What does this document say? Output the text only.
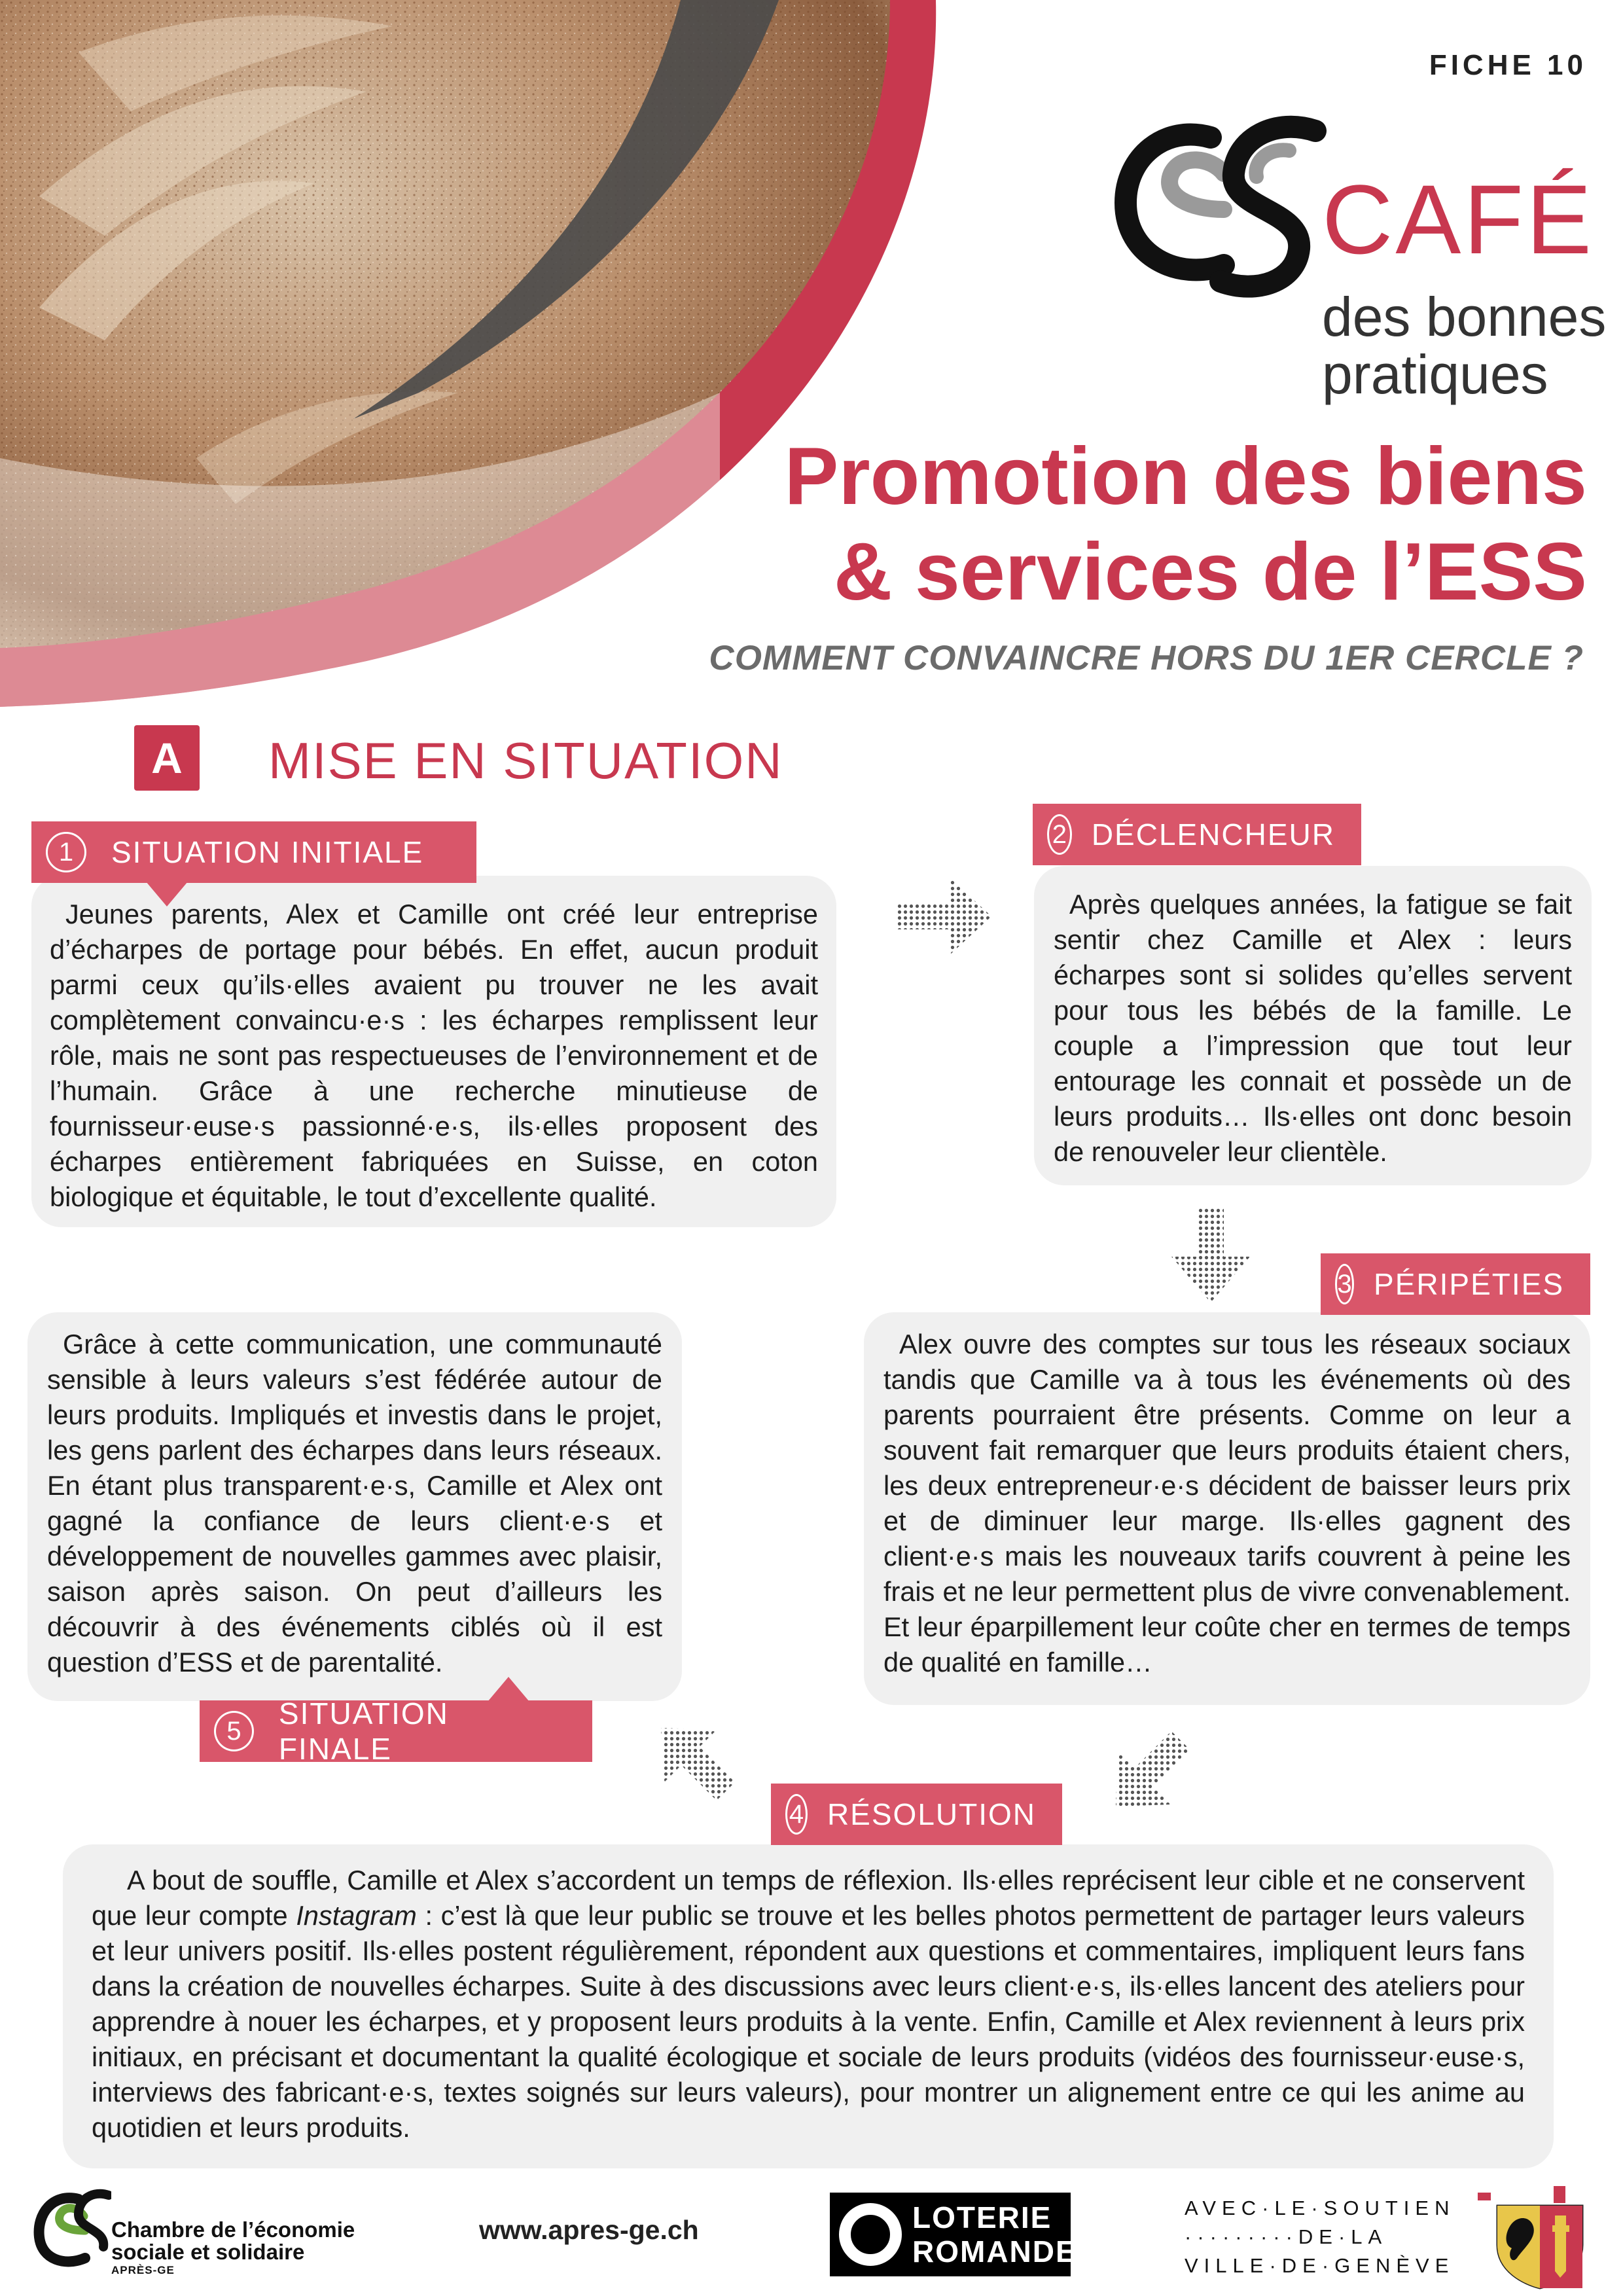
FICHE 10
CAFÉ
des bonnes
pratiques
Promotion des biens
& services de l’ESS
COMMENT CONVAINCRE HORS DU 1ER CERCLE ?
A	MISE EN SITUATION
1	SITUATION INITIALE

Jeunes parents, Alex et Camille ont créé leur entreprise d’écharpes de portage pour bébés. En effet, aucun produit parmi ceux qu’ils·elles avaient pu trouver ne les avait complètement convaincu·e·s : les écharpes remplissent leur rôle, mais ne sont pas respectueuses de l’environnement et de l’humain. Grâce à une recherche minutieuse de fournisseur·euse·s passionné·e·s, ils·elles proposent des écharpes entièrement fabriquées en Suisse, en coton biologique et équitable, le tout d’excellente qualité.

2 DÉCLENCHEUR

Après quelques années, la fatigue se fait sentir chez Camille et Alex : leurs écharpes sont si solides qu’elles servent pour tous les bébés de la famille. Le couple a l’impression que tout leur entourage les connait et possède un de leurs produits… Ils·elles ont donc besoin de renouveler leur clientèle.

3 PÉRIPÉTIES

Alex ouvre des comptes sur tous les réseaux sociaux tandis que Camille va à tous les événements où des parents pourraient être présents. Comme on leur a souvent fait remarquer que leurs produits étaient chers, les deux entrepreneur·e·s décident de baisser leurs prix et de diminuer leur marge. Ils·elles gagnent des client·e·s mais les nouveaux tarifs couvrent à peine les frais et ne leur permettent plus de vivre convenablement. Et leur éparpillement leur coûte cher en termes de temps de qualité en famille…

Grâce à cette communication, une communauté sensible à leurs valeurs s’est fédérée autour de leurs produits. Impliqués et investis dans le projet, les gens parlent des écharpes dans leurs réseaux. En étant plus transparent·e·s, Camille et Alex ont gagné la confiance de leurs client·e·s et développement de nouvelles gammes avec plaisir, saison après saison. On peut d’ailleurs les découvrir à des événements ciblés où il est question d’ESS et de parentalité.

5
SITUATION FINALE
4 RÉSOLUTION

A bout de souffle, Camille et Alex s’accordent un temps de réflexion. Ils·elles reprécisent leur cible et ne conservent que leur compte Instagram : c’est là que leur public se trouve et les belles photos permettent de partager leurs valeurs et leur univers positif. Ils·elles postent régulièrement, répondent aux questions et commentaires, impliquent leurs fans dans la création de nouvelles écharpes. Suite à des discussions avec leurs client·e·s, ils·elles lancent des ateliers pour apprendre à nouer les écharpes, et y proposent leurs produits à la vente. Enfin, Camille et Alex reviennent à leurs prix initiaux, en précisant et documentant la qualité écologique et sociale de leurs produits (vidéos des fournisseur·euse·s, interviews des fabricant·e·s, textes soignés sur leurs valeurs), pour montrer un alignement entre ce qui les anime au quotidien et leurs produits.

Chambre de l’économie
sociale et solidaire
APRÈS-GE
www.apres-ge.ch	LOTERIE
ROMANDE
AVEC·LE·SOUTIEN
·········DE·LA
VILLE·DE·GENÈVE
